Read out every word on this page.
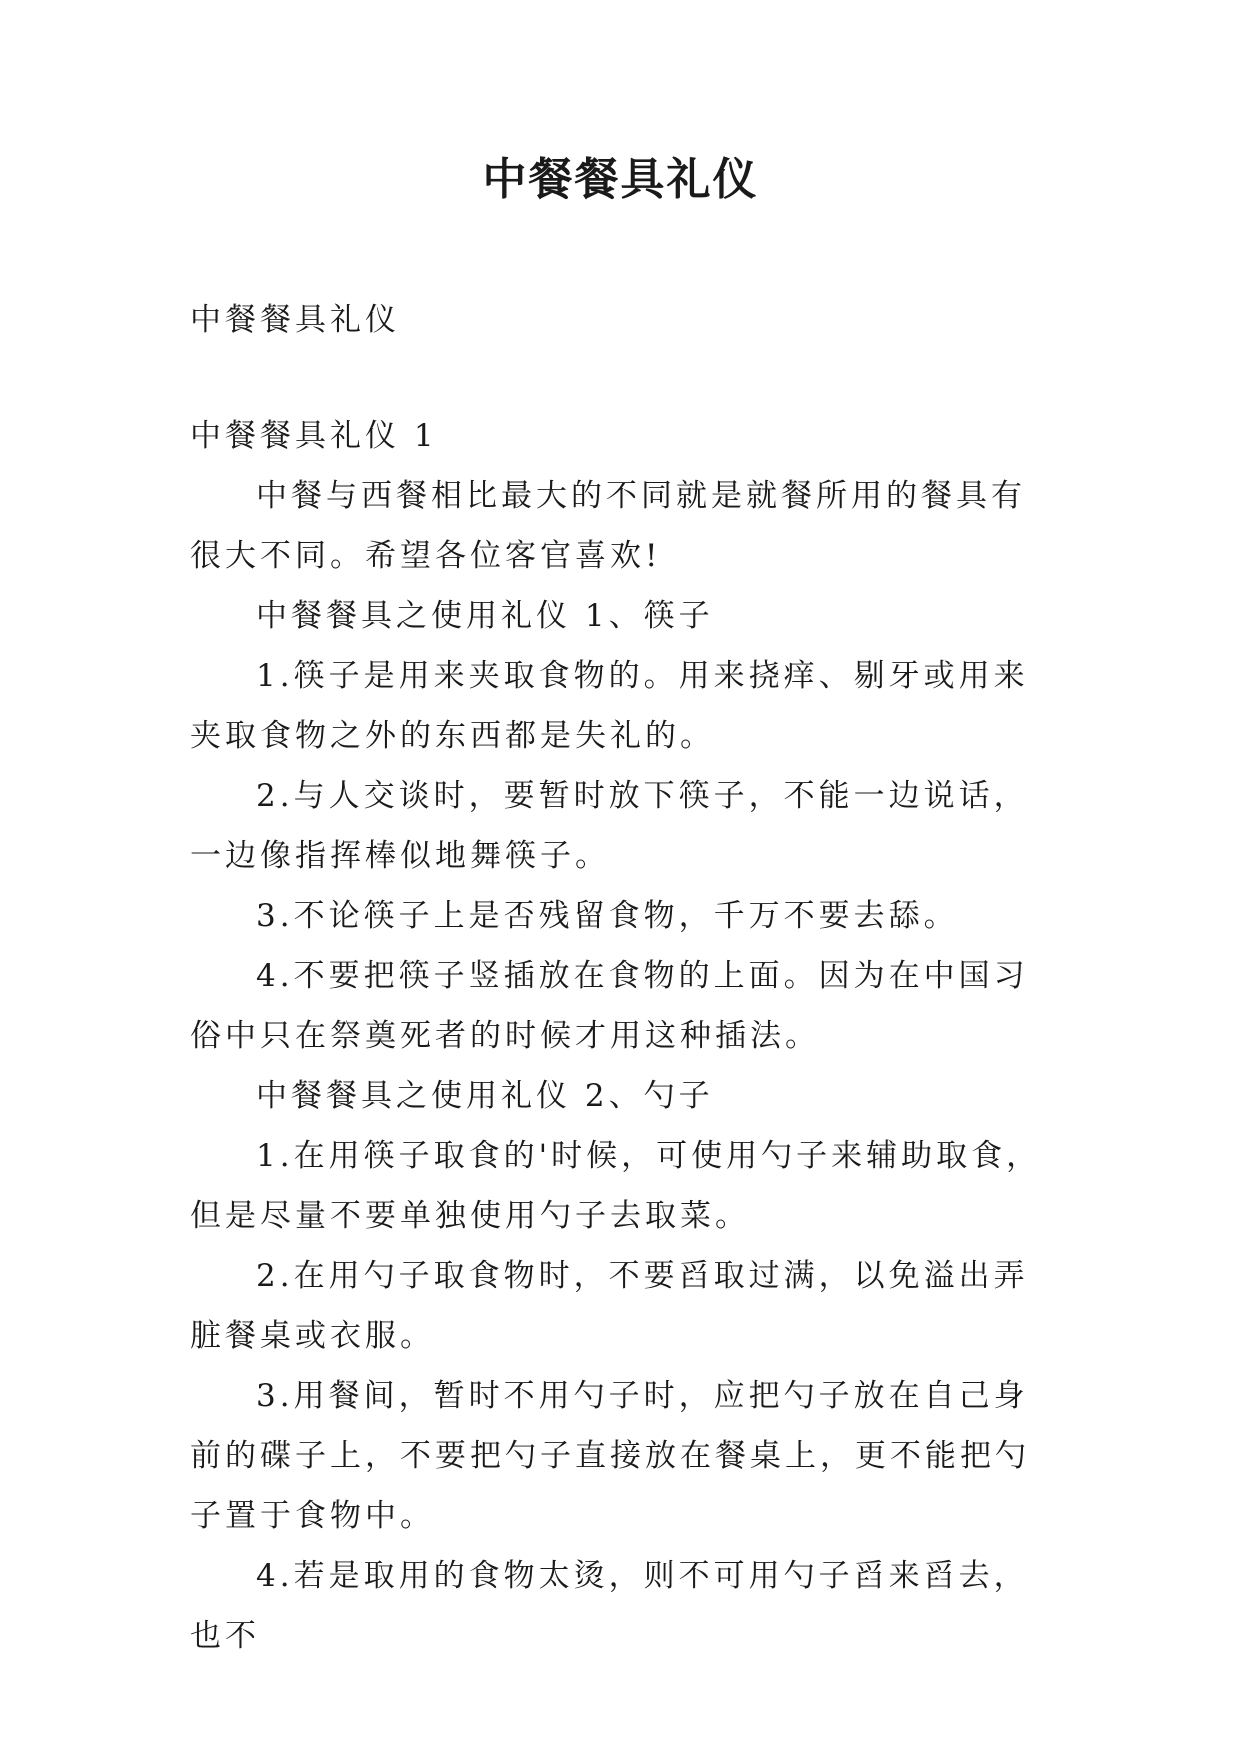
中餐餐具礼仪

中餐餐具礼仪

中餐餐具礼仪 1

中餐与西餐相比最大的不同就是就餐所用的餐具有很大不同。希望各位客官喜欢!

中餐餐具之使用礼仪 1、筷子

1.筷子是用来夹取食物的。用来挠痒、剔牙或用来夹取食物之外的东西都是失礼的。

2.与人交谈时，要暂时放下筷子，不能一边说话，一边像指挥棒似地舞筷子。

3.不论筷子上是否残留食物，千万不要去舔。

4.不要把筷子竖插放在食物的上面。因为在中国习俗中只在祭奠死者的时候才用这种插法。

中餐餐具之使用礼仪 2、勺子

1.在用筷子取食的'时候，可使用勺子来辅助取食，但是尽量不要单独使用勺子去取菜。

2.在用勺子取食物时，不要舀取过满，以免溢出弄脏餐桌或衣服。

3.用餐间，暂时不用勺子时，应把勺子放在自己身前的碟子上，不要把勺子直接放在餐桌上，更不能把勺子置于食物中。

4.若是取用的食物太烫，则不可用勺子舀来舀去，也不
